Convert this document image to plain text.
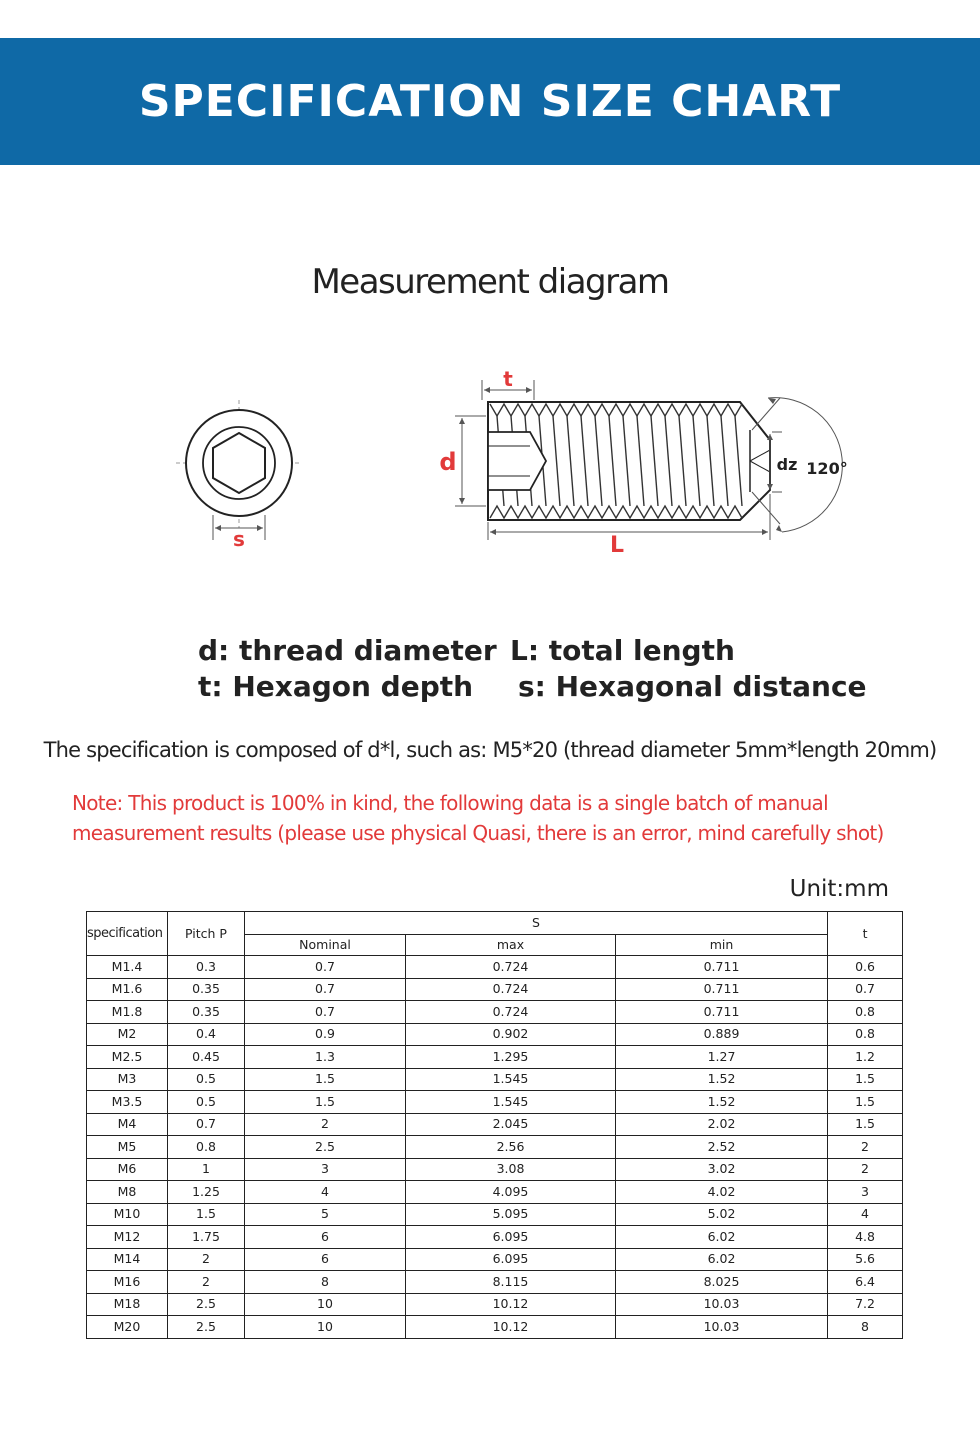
SPECIFICATION SIZE CHART
Measurement diagram
s
t
d
L
dz 120°
d: thread diameter L: total length
t: Hexagon depth s: Hexagonal distance
The specification is composed of d*l, such as: M5*20 (thread diameter 5mm*length 20mm)
Note: This product is 100% in kind, the following data is a single batch of manual
measurement results (please use physical Quasi, there is an error, mind carefully shot)
Unit:mm
specification	Pitch P	S			t
		Nominal	max	min	
M1.4	0.3	0.7	0.724	0.711	0.6
M1.6	0.35	0.7	0.724	0.711	0.7
M1.8	0.35	0.7	0.724	0.711	0.8
M2	0.4	0.9	0.902	0.889	0.8
M2.5	0.45	1.3	1.295	1.27	1.2
M3	0.5	1.5	1.545	1.52	1.5
M3.5	0.5	1.5	1.545	1.52	1.5
M4	0.7	2	2.045	2.02	1.5
M5	0.8	2.5	2.56	2.52	2
M6	1	3	3.08	3.02	2
M8	1.25	4	4.095	4.02	3
M10	1.5	5	5.095	5.02	4
M12	1.75	6	6.095	6.02	4.8
M14	2	6	6.095	6.02	5.6
M16	2	8	8.115	8.025	6.4
M18	2.5	10	10.12	10.03	7.2
M20	2.5	10	10.12	10.03	8
